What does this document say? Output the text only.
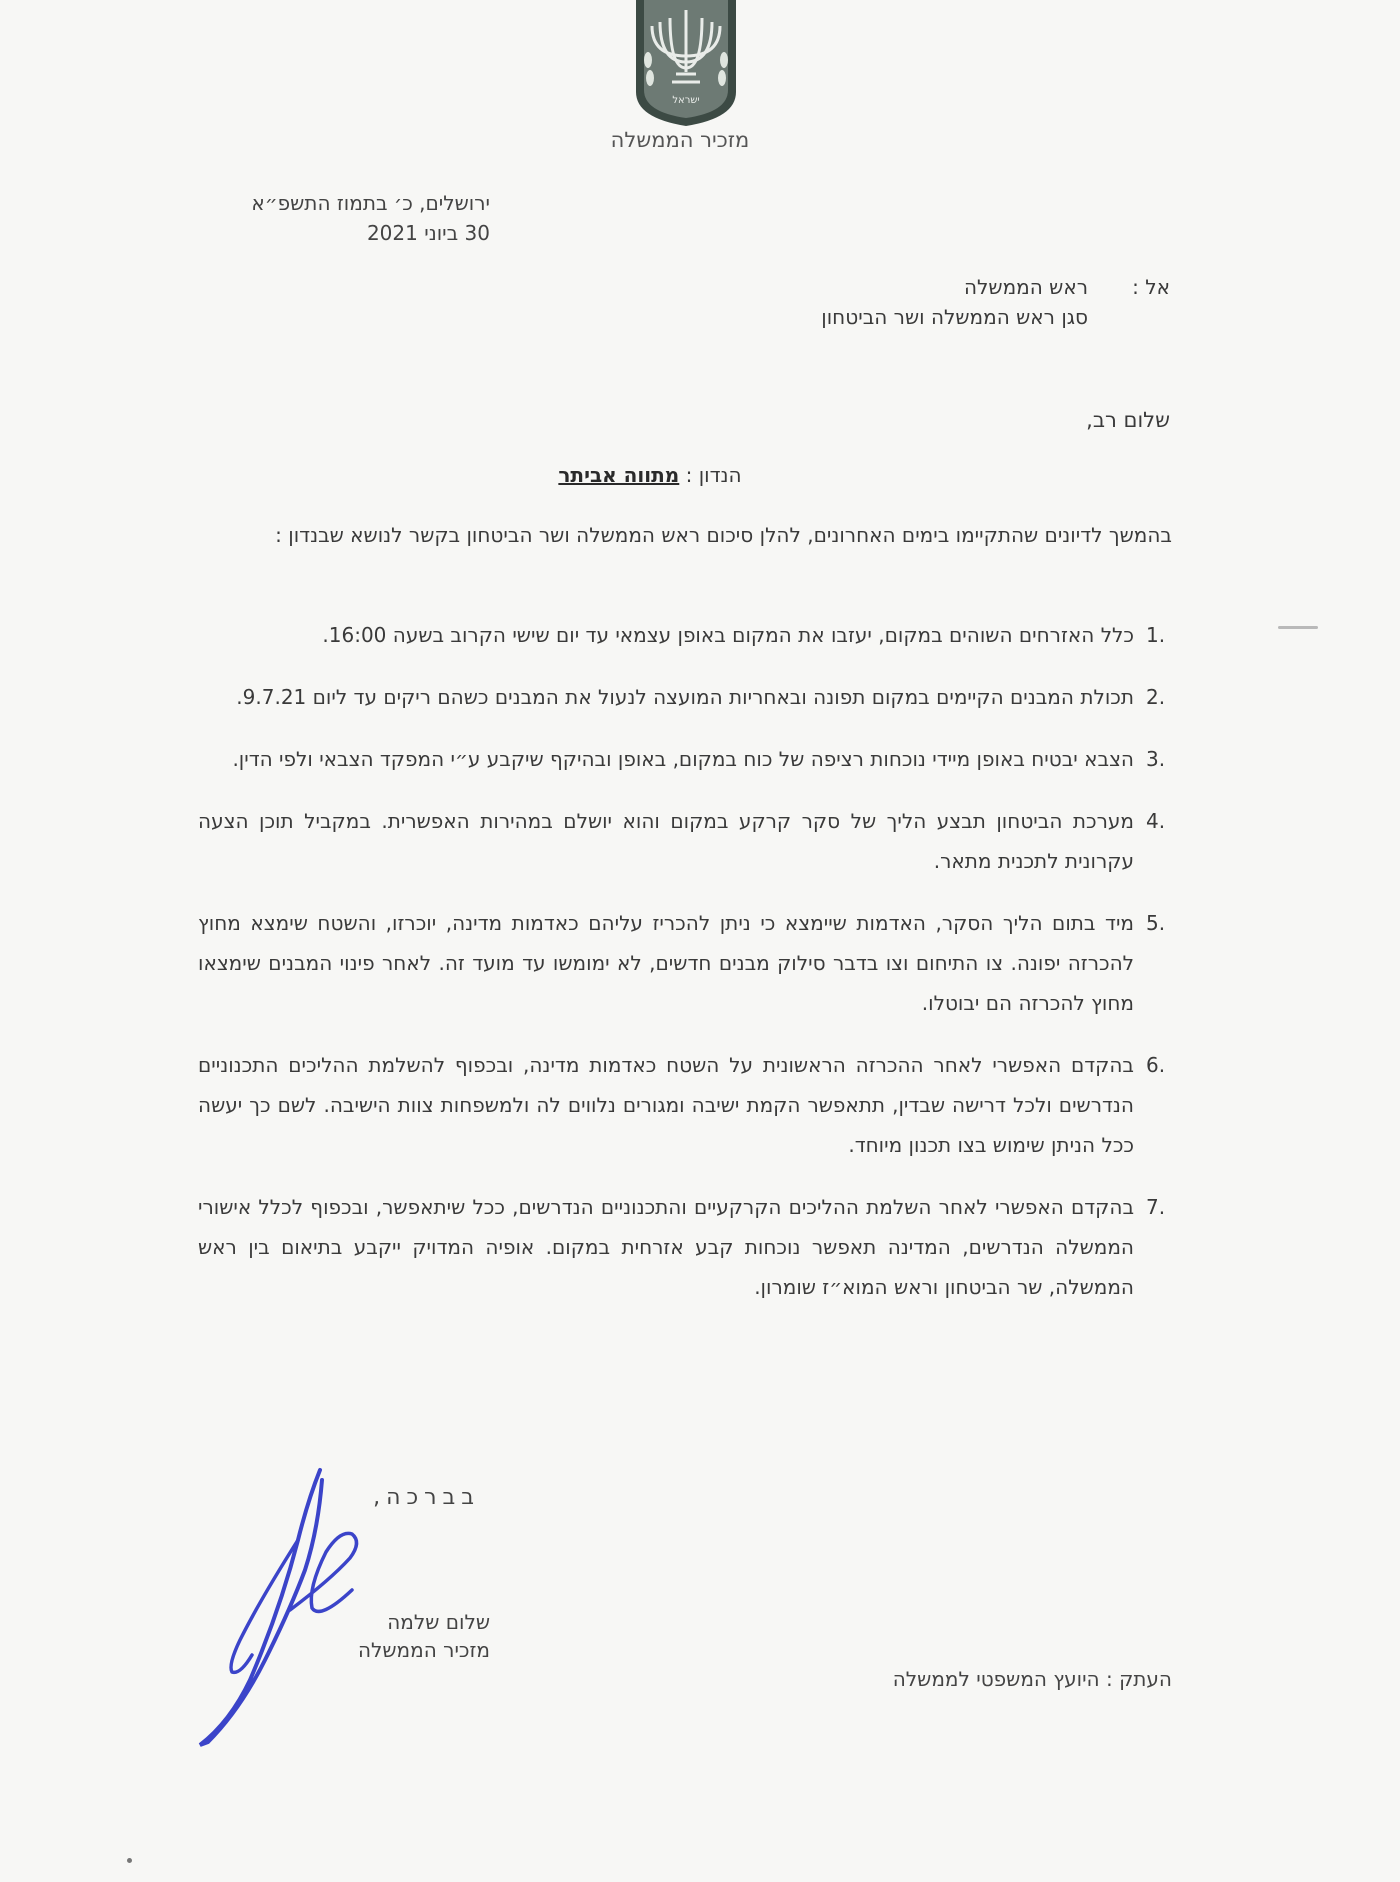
ישראל
מזכיר הממשלה
ירושלים, כ׳ בתמוז התשפ״א
30 ביוני 2021
אל :
ראש הממשלה
סגן ראש הממשלה ושר הביטחון
שלום רב,
הנדון : מתווה אביתר
בהמשך לדיונים שהתקיימו בימים האחרונים, להלן סיכום ראש הממשלה ושר הביטחון בקשר לנושא שבנדון :
1.
כלל האזרחים השוהים במקום, יעזבו את המקום באופן עצמאי עד יום שישי הקרוב בשעה 16:00.
2.
תכולת המבנים הקיימים במקום תפונה ובאחריות המועצה לנעול את המבנים כשהם ריקים עד ליום 9.7.21.
3.
הצבא יבטיח באופן מיידי נוכחות רציפה של כוח במקום, באופן ובהיקף שיקבע ע״י המפקד הצבאי ולפי הדין.
4.
מערכת הביטחון תבצע הליך של סקר קרקע במקום והוא יושלם במהירות האפשרית. במקביל תוכן הצעה עקרונית לתכנית מתאר.
5.
מיד בתום הליך הסקר, האדמות שיימצא כי ניתן להכריז עליהם כאדמות מדינה, יוכרזו, והשטח שימצא מחוץ להכרזה יפונה. צו התיחום וצו בדבר סילוק מבנים חדשים, לא ימומשו עד מועד זה. לאחר פינוי המבנים שימצאו מחוץ להכרזה הם יבוטלו.
6.
בהקדם האפשרי לאחר ההכרזה הראשונית על השטח כאדמות מדינה, ובכפוף להשלמת ההליכים התכנוניים הנדרשים ולכל דרישה שבדין, תתאפשר הקמת ישיבה ומגורים נלווים לה ולמשפחות צוות הישיבה. לשם כך יעשה ככל הניתן שימוש בצו תכנון מיוחד.
7.
בהקדם האפשרי לאחר השלמת ההליכים הקרקעיים והתכנוניים הנדרשים, ככל שיתאפשר, ובכפוף לכלל אישורי הממשלה הנדרשים, המדינה תאפשר נוכחות קבע אזרחית במקום. אופיה המדויק ייקבע בתיאום בין ראש הממשלה, שר הביטחון וראש המוא״ז שומרון.
בברכה,
שלום שלמה
מזכיר הממשלה
העתק : היועץ המשפטי לממשלה
